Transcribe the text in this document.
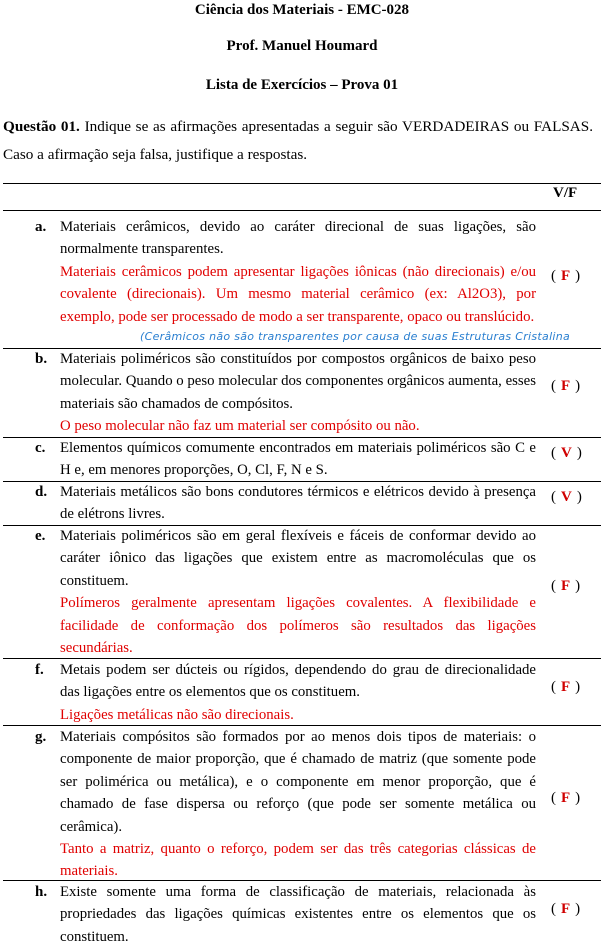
Ciência dos Materiais - EMC-028
Prof. Manuel Houmard
Lista de Exercícios – Prova 01
Questão 01. Indique se as afirmações apresentadas a seguir são VERDADEIRAS ou FALSAS. Caso a afirmação seja falsa, justifique a respostas.
V/F
a. Materiais cerâmicos, devido ao caráter direcional de suas ligações, são normalmente transparentes.
Materiais cerâmicos podem apresentar ligações iônicas (não direcionais) e/ou covalente (direcionais). Um mesmo material cerâmico (ex: Al2O3), por exemplo, pode ser processado de modo a ser transparente, opaco ou translúcido.
( F )
(Cerâmicos não são transparentes por causa de suas Estruturas Cristalina
b. Materiais poliméricos são constituídos por compostos orgânicos de baixo peso molecular. Quando o peso molecular dos componentes orgânicos aumenta, esses materiais são chamados de compósitos.
O peso molecular não faz um material ser compósito ou não.
( F )
c. Elementos químicos comumente encontrados em materiais poliméricos são C e H e, em menores proporções, O, Cl, F, N e S.
( V )
d. Materiais metálicos são bons condutores térmicos e elétricos devido à presença de elétrons livres.
( V )
e. Materiais poliméricos são em geral flexíveis e fáceis de conformar devido ao caráter iônico das ligações que existem entre as macromoléculas que os constituem.
Polímeros geralmente apresentam ligações covalentes. A flexibilidade e facilidade de conformação dos polímeros são resultados das ligações secundárias.
( F )
f. Metais podem ser dúcteis ou rígidos, dependendo do grau de direcionalidade das ligações entre os elementos que os constituem.
Ligações metálicas não são direcionais.
( F )
g. Materiais compósitos são formados por ao menos dois tipos de materiais: o componente de maior proporção, que é chamado de matriz (que somente pode ser polimérica ou metálica), e o componente em menor proporção, que é chamado de fase dispersa ou reforço (que pode ser somente metálica ou cerâmica).
Tanto a matriz, quanto o reforço, podem ser das três categorias clássicas de materiais.
( F )
h. Existe somente uma forma de classificação de materiais, relacionada às propriedades das ligações químicas existentes entre os elementos que os constituem.
( F )
